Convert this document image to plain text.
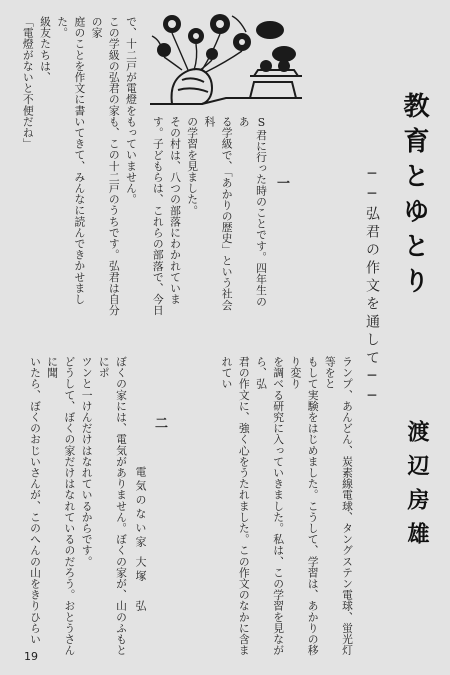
で、十二戸が電燈をもっていません。

この学級の弘君の家も、この十二戸のうちです。弘君は自分の家

庭のことを作文に書いてきて、みんなに読んできかせました。

級友たちは、

「電燈がないと不便だね」

S君に行った時のことです。四年生のあ

る学級で、「あかりの歴史」という社会科

の学習を見ました。

その村は、八つの部落にわかれていま

す。子どもらは、これらの部落で、今日

一	教育とゆとり
──弘君の作文を通して──
渡辺房雄

ランプ、あんどん、炭素線電球、タングステン電球、蛍光灯等をと

もして実験をはじめました。こうして、学習は、あかりの移り変り

を調べる研究に入っていきました。私は、この学習を見ながら、弘

君の作文に、強く心をうたれました。この作文のなかに含まれてい

二
電気のない家
大塚 弘

ぼくの家には、電気がありません。ぼくの家が、山のふもとにポ

ツンと一けんだけはなれているからです。

どうして、ぼくの家だけはなれているのだろう。おとうさんに聞

いたら、ぼくのおじいさんが、このへんの山をきりひらい

19
